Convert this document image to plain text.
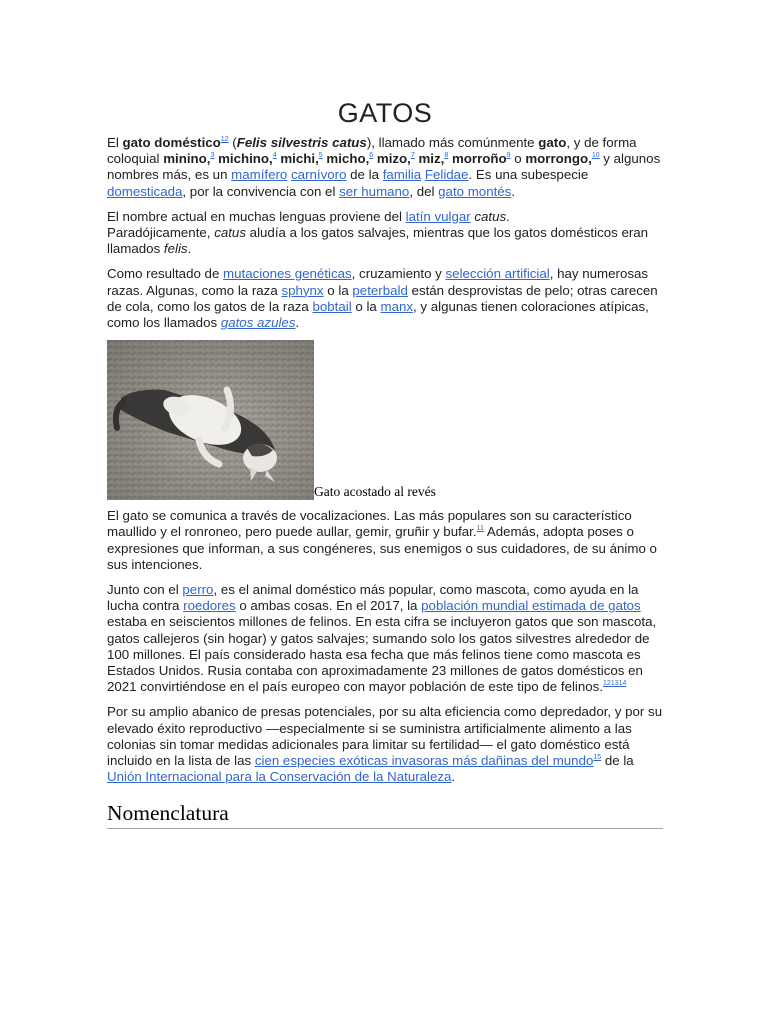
GATOS

El gato doméstico$^{12}$ (Felis silvestris catus), llamado más comúnmente gato, y de forma coloquial minino,$^3$ michino,$^4$ michi,$^5$ micho,$^6$ mizo,$^7$ miz,$^8$ morroño$^9$ o morrongo,$^{10}$ y algunos nombres más, es un mamífero carnívoro de la familia Felidae. Es una subespecie domesticada, por la convivencia con el ser humano, del gato montés.

El nombre actual en muchas lenguas proviene del latín vulgar catus.
Paradójicamente, catus aludía a los gatos salvajes, mientras que los gatos domésticos eran llamados felis.

Como resultado de mutaciones genéticas, cruzamiento y selección artificial, hay numerosas razas. Algunas, como la raza sphynx o la peterbald están desprovistas de pelo; otras carecen de cola, como los gatos de la raza bobtail o la manx, y algunas tienen coloraciones atípicas, como los llamados gatos azules.

Gato acostado al revés

El gato se comunica a través de vocalizaciones. Las más populares son su característico maullido y el ronroneo, pero puede aullar, gemir, gruñir y bufar.$^{11}$ Además, adopta poses o expresiones que informan, a sus congéneres, sus enemigos o sus cuidadores, de su ánimo o sus intenciones.

Junto con el perro, es el animal doméstico más popular, como mascota, como ayuda en la lucha contra roedores o ambas cosas. En el 2017, la población mundial estimada de gatos estaba en seiscientos millones de felinos. En esta cifra se incluyeron gatos que son mascota, gatos callejeros (sin hogar) y gatos salvajes; sumando solo los gatos silvestres alrededor de 100 millones. El país considerado hasta esa fecha que más felinos tiene como mascota es Estados Unidos. Rusia contaba con aproximadamente 23 millones de gatos domésticos en 2021 convirtiéndose en el país europeo con mayor población de este tipo de felinos.$^{121314}$

Por su amplio abanico de presas potenciales, por su alta eficiencia como depredador, y por su elevado éxito reproductivo —especialmente si se suministra artificialmente alimento a las colonias sin tomar medidas adicionales para limitar su fertilidad— el gato doméstico está incluido en la lista de las cien especies exóticas invasoras más dañinas del mundo$^{15}$ de la Unión Internacional para la Conservación de la Naturaleza.

Nomenclatura
